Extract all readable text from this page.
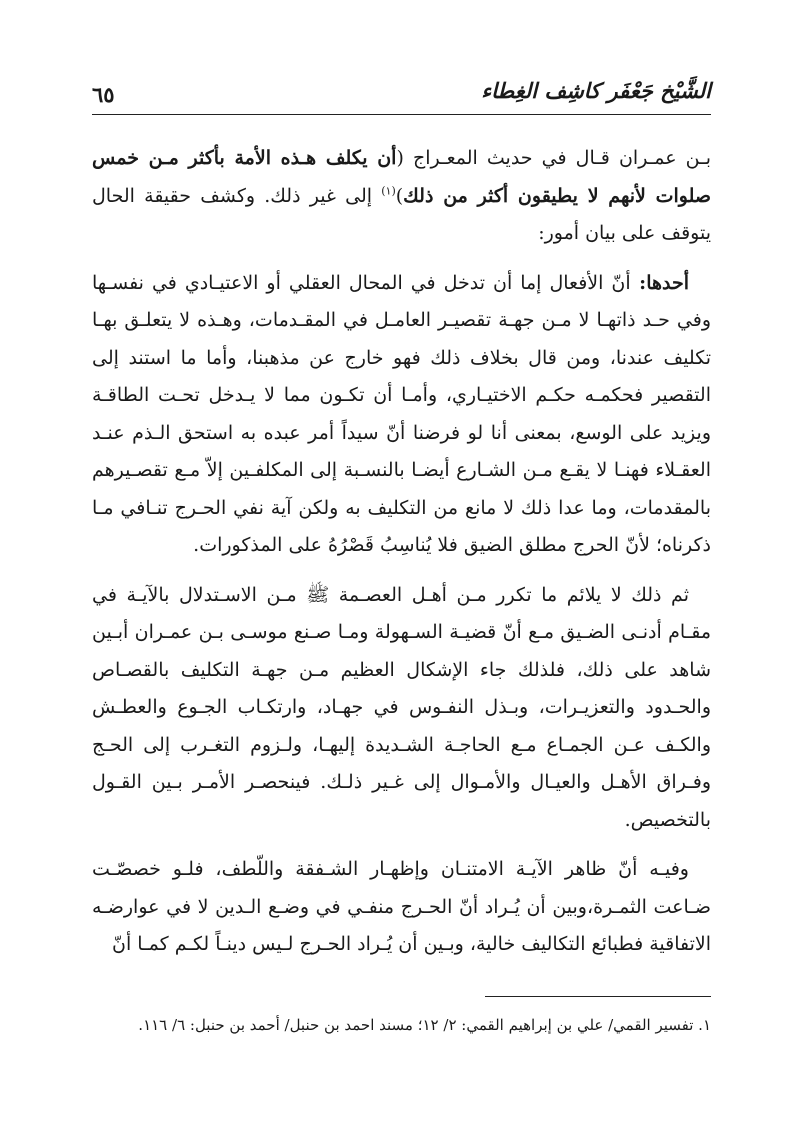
٦٥	الشَّيْخ جَعْفَر كاشِف الغِطاء

بـن عمـران قـال في حديث المعـراج (أن يكلف هـذه الأمة بأكثر مـن خمس صلوات لأنهم لا يطيقون أكثر من ذلك)$^{(١)}$ إلى غير ذلك. وكشف حقيقة الحال يتوقف على بيان أمور:

أحدها: أنّ الأفعال إما أن تدخل في المحال العقلي أو الاعتيـادي في نفسـها وفي حـد ذاتهـا لا مـن جهـة تقصيـر العامـل في المقـدمات، وهـذه لا يتعلـق بهـا تكليف عندنا، ومن قال بخلاف ذلك فهو خارج عن مذهبنا، وأما ما استند إلى التقصير فحكمـه حكـم الاختيـاري، وأمـا أن تكـون مما لا يـدخل تحـت الطاقـة ويزيد على الوسع، بمعنى أنا لو فرضنا أنّ سيداً أمر عبده به استحق الـذم عنـد العقـلاء فهنـا لا يقـع مـن الشـارع أيضـا بالنسـبة إلى المكلفـين إلاّ مـع تقصـيرهم بالمقدمات، وما عدا ذلك لا مانع من التكليف به ولكن آية نفي الحـرج تنـافي مـا ذكرناه؛ لأنّ الحرج مطلق الضيق فلا يُناسِبُ قَصْرُهُ على المذكورات.

ثم ذلك لا يلائم ما تكرر مـن أهـل العصـمة ﷺ مـن الاسـتدلال بالآيـة في مقـام أدنـى الضـيق مـع أنّ قضيـة السـهولة ومـا صـنع موسـى بـن عمـران أبـين شاهد على ذلك، فلذلك جاء الإشكال العظيم مـن جهـة التكليف بالقصـاص والحـدود والتعزيـرات، وبـذل النفـوس في جهـاد، وارتكـاب الجـوع والعطـش والكـف عـن الجمـاع مـع الحاجـة الشـديدة إليهـا، ولـزوم التغـرب إلى الحـج وفـراق الأهـل والعيـال والأمـوال إلى غـير ذلـك. فينحصـر الأمـر بـين القـول بالتخصيص.

وفيـه أنّ ظاهر الآيـة الامتنـان وإظهـار الشـفقة واللّطف، فلـو خصصّـت ضـاعت الثمـرة،وبين أن يُـراد أنّ الحـرج منفـي في وضـع الـدين لا في عوارضـه الاتفاقية فطبائع التكاليف خالية، وبـين أن يُـراد الحـرج لـيس دينـاً لكـم كمـا أنّ

١. تفسير القمي/ علي بن إبراهيم القمي: ٢/ ١٢؛ مسند احمد بن حنبل/ أحمد بن حنبل: ٦/ ١١٦.
